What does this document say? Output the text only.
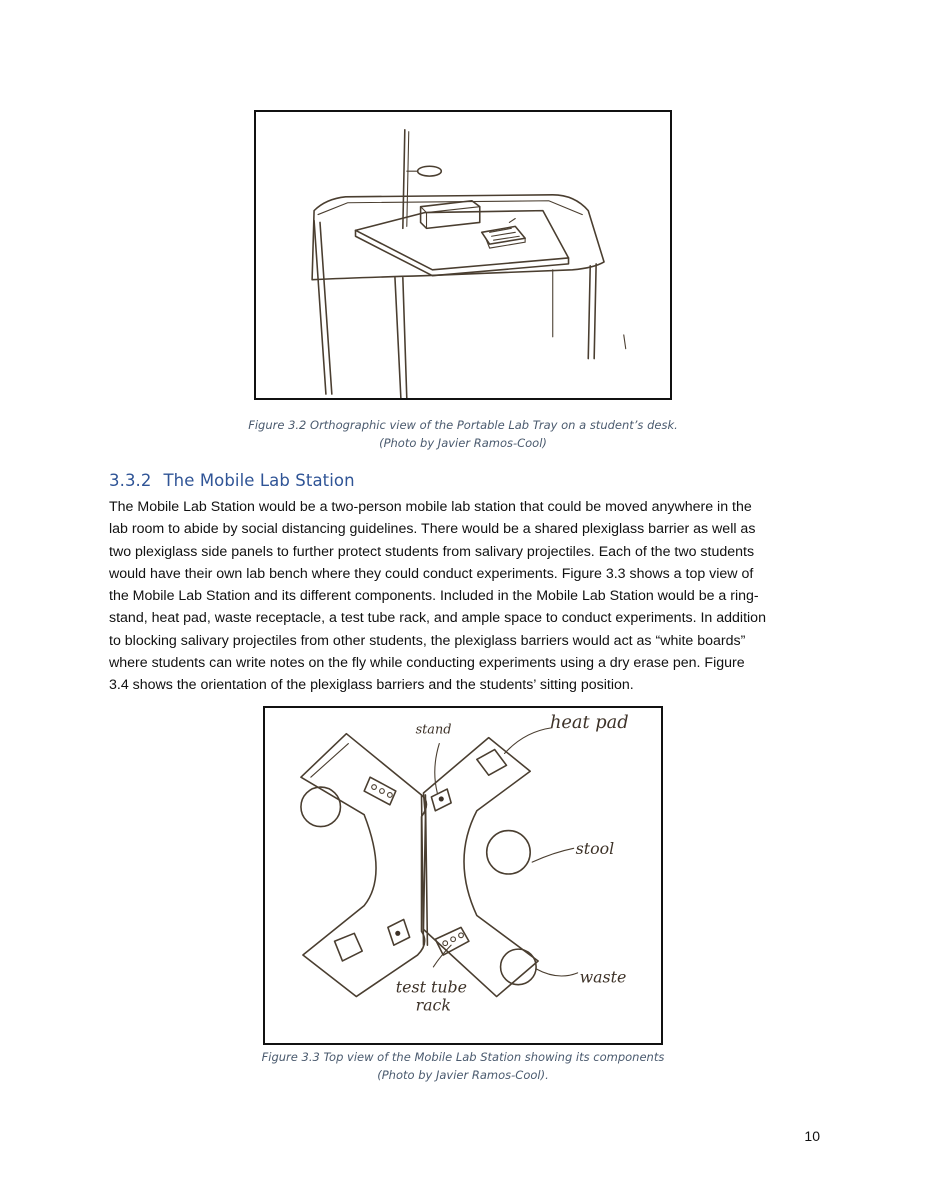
Figure 3.2 Orthographic view of the Portable Lab Tray on a student’s desk.
(Photo by Javier Ramos-Cool)
3.3.2 The Mobile Lab Station
The Mobile Lab Station would be a two-person mobile lab station that could be moved anywhere in the
lab room to abide by social distancing guidelines. There would be a shared plexiglass barrier as well as
two plexiglass side panels to further protect students from salivary projectiles. Each of the two students
would have their own lab bench where they could conduct experiments. Figure 3.3 shows a top view of
the Mobile Lab Station and its different components. Included in the Mobile Lab Station would be a ring-
stand, heat pad, waste receptacle, a test tube rack, and ample space to conduct experiments. In addition
to blocking salivary projectiles from other students, the plexiglass barriers would act as “white boards”
where students can write notes on the fly while conducting experiments using a dry erase pen. Figure
3.4 shows the orientation of the plexiglass barriers and the students’ sitting position.
stand	heat pad
stool
waste
test tube
rack
Figure 3.3 Top view of the Mobile Lab Station showing its components
(Photo by Javier Ramos-Cool).
10
